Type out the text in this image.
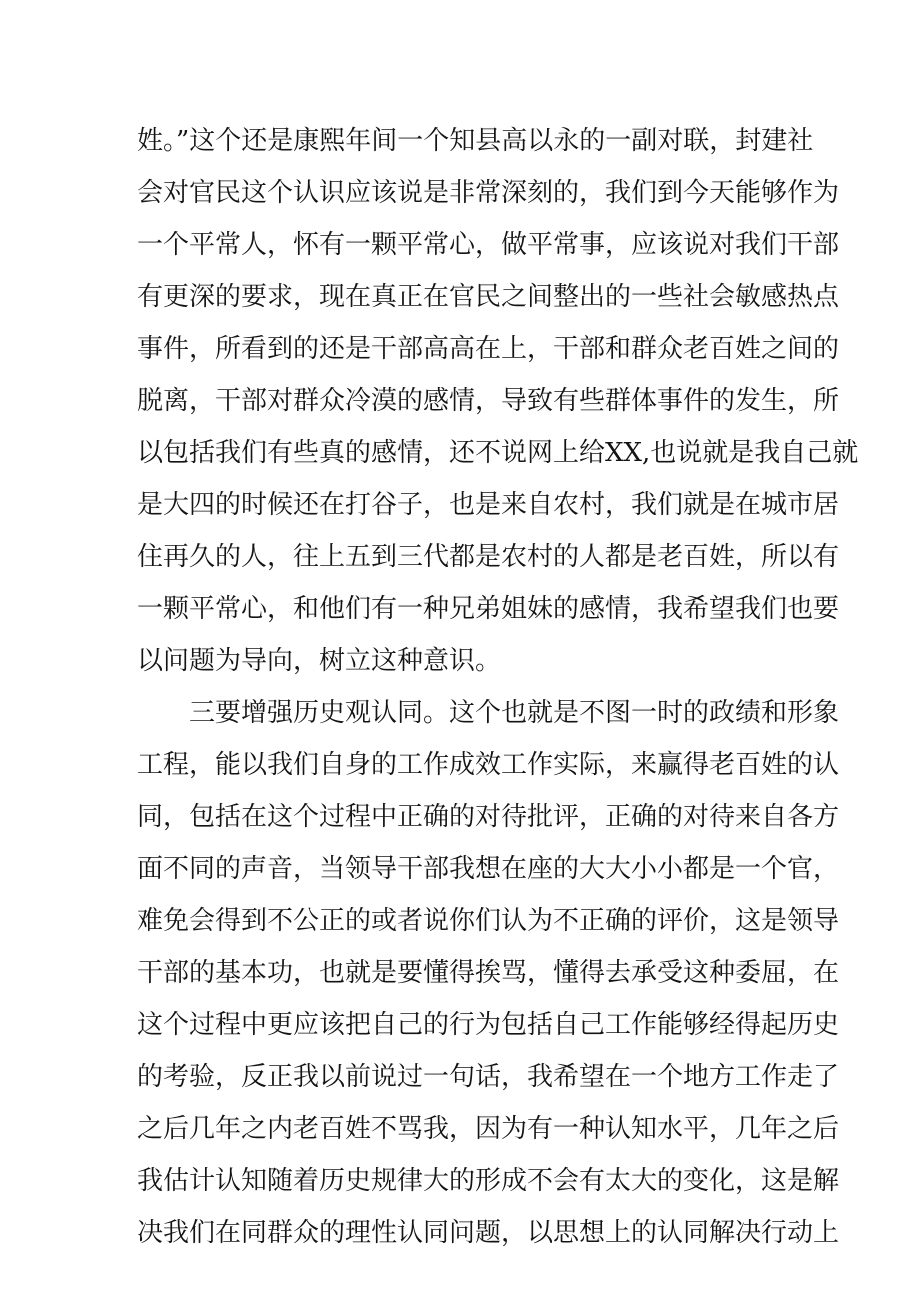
姓。”这个还是康熙年间一个知县高以永的一副对联，封建社
会对官民这个认识应该说是非常深刻的，我们到今天能够作为
一个平常人，怀有一颗平常心，做平常事，应该说对我们干部
有更深的要求，现在真正在官民之间整出的一些社会敏感热点
事件，所看到的还是干部高高在上，干部和群众老百姓之间的
脱离，干部对群众冷漠的感情，导致有些群体事件的发生，所
以包括我们有些真的感情，还不说网上给XX,也说就是我自己就
是大四的时候还在打谷子，也是来自农村，我们就是在城市居
住再久的人，往上五到三代都是农村的人都是老百姓，所以有
一颗平常心，和他们有一种兄弟姐妹的感情，我希望我们也要
以问题为导向，树立这种意识。
三要增强历史观认同。这个也就是不图一时的政绩和形象
工程，能以我们自身的工作成效工作实际，来赢得老百姓的认
同，包括在这个过程中正确的对待批评，正确的对待来自各方
面不同的声音，当领导干部我想在座的大大小小都是一个官，
难免会得到不公正的或者说你们认为不正确的评价，这是领导
干部的基本功，也就是要懂得挨骂，懂得去承受这种委屈，在
这个过程中更应该把自己的行为包括自己工作能够经得起历史
的考验，反正我以前说过一句话，我希望在一个地方工作走了
之后几年之内老百姓不骂我，因为有一种认知水平，几年之后
我估计认知随着历史规律大的形成不会有太大的变化，这是解
决我们在同群众的理性认同问题，以思想上的认同解决行动上
